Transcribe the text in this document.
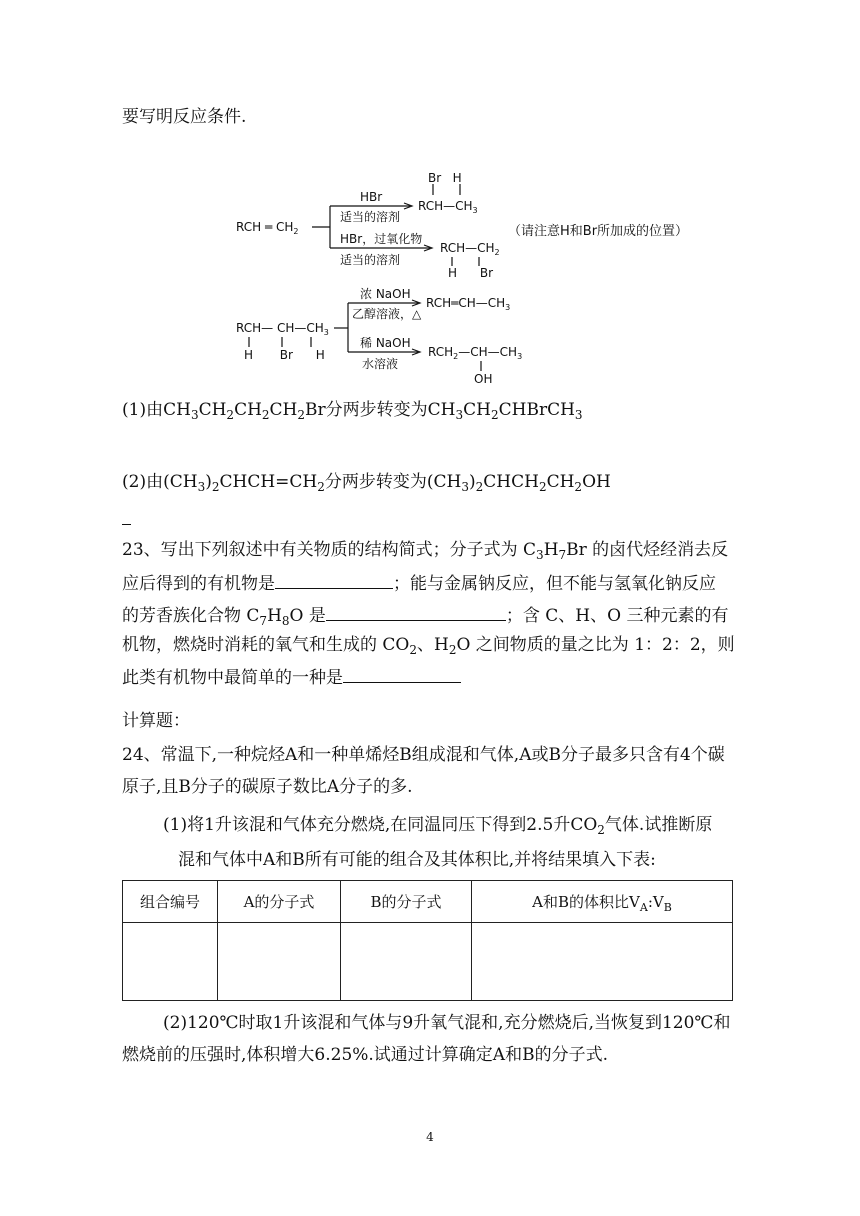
要写明反应条件.
RCH ═ $CH_2$
HBr
适当的溶剂
Br   H
$RCH—CH_3$
HBr，过氧化物
适当的溶剂
$RCH—CH_2$
H      Br
（请注意H和Br所加成的位置）
RCH— $CH—CH_3$
H       Br      H
浓 NaOH
乙醇溶液，△
$RCH═CH—CH_3$
稀 NaOH
水溶液
$RCH_2—CH—CH_3$
OH
(1)由$CH_3CH_2CH_2CH_2Br$分两步转变为$CH_3CH_2CHBrCH_3$
(2)由$(CH_3)_2CHCH=CH_2$分两步转变为$(CH_3)_2CHCH_2CH_2OH$
23、写出下列叙述中有关物质的结构简式；分子式为 $C_3H_7Br$ 的卤代烃经消去反
应后得到的有机物是	；能与金属钠反应，但不能与氢氧化钠反应
的芳香族化合物 $C_7H_8O$ 是	；含 C、H、O 三种元素的有
机物，燃烧时消耗的氧气和生成的 $CO_2$、$H_2O$ 之间物质的量之比为 1：2：2，则
此类有机物中最简单的一种是
计算题：
24、常温下,一种烷烃A和一种单烯烃B组成混和气体,A或B分子最多只含有4个碳
原子,且B分子的碳原子数比A分子的多.
(1)将1升该混和气体充分燃烧,在同温同压下得到2.5升$CO_2$气体.试推断原
混和气体中A和B所有可能的组合及其体积比,并将结果填入下表:
组合编号	A的分子式	B的分子式	A和B的体积比$V_A:V_B$

(2)120℃时取1升该混和气体与9升氧气混和,充分燃烧后,当恢复到120℃和
燃烧前的压强时,体积增大6.25%.试通过计算确定A和B的分子式.
4
